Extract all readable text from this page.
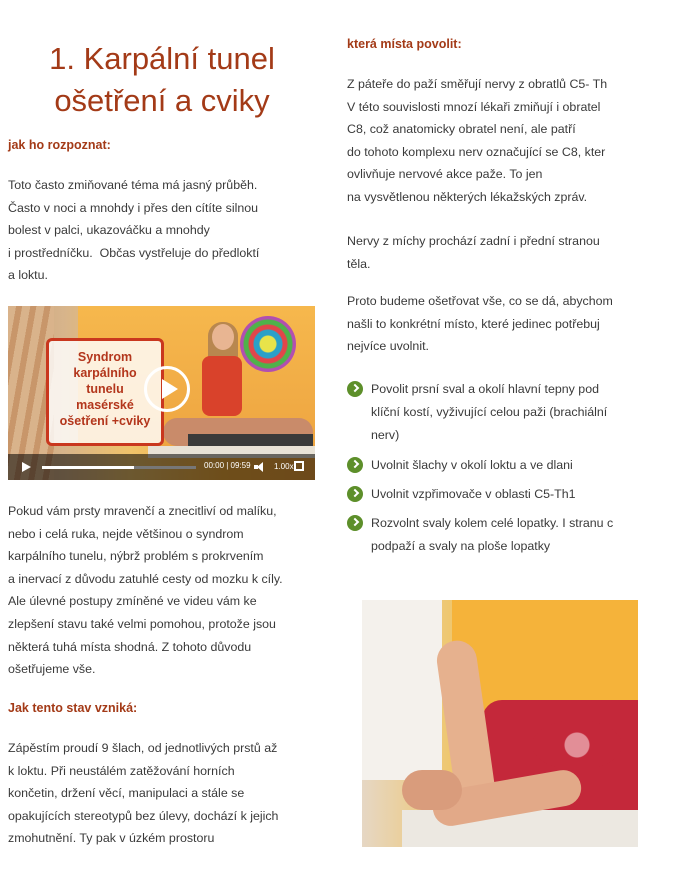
1. Karpální tunel
ošetření a cviky

jak ho rozpoznat:

Toto často zmiňované téma má jasný průběh.
Často v noci a mnohdy i přes den cítíte silnou
bolest v palci, ukazováčku a mnohdy
i prostředníčku.  Občas vystřeluje do předloktí
a loktu.

Syndrom
karpálního
tunelu
masérské
ošetření +cviky
00:00 | 09:59	1.00x

Pokud vám prsty mravenčí a znecitliví od malíku,
nebo i celá ruka, nejde většinou o syndrom
karpálního tunelu, nýbrž problém s prokrvením
a inervací z důvodu zatuhlé cesty od mozku k cíly.
Ale úlevné postupy zmíněné ve videu vám ke
zlepšení stavu také velmi pomohou, protože jsou
některá tuhá místa shodná. Z tohoto důvodu
ošetřujeme vše.

Jak tento stav vzniká:

Zápěstím proudí 9 šlach, od jednotlivých prstů až
k loktu. Při neustálém zatěžování horních
končetin, držení věcí, manipulaci a stále se
opakujících stereotypů bez úlevy, dochází k jejich
zmohutnění. Ty pak v úzkém prostoru

která místa povolit:

Z páteře do paží směřují nervy z obratlů C5- Th
V této souvislosti mnozí lékaři zmiňují i obratel
C8, což anatomicky obratel není, ale patří
do tohoto komplexu nerv označující se C8, kter
ovlivňuje nervové akce paže. To jen
na vysvětlenou některých lékažských zpráv.

Nervy z míchy prochází zadní i přední stranou
těla.

Proto budeme ošetřovat vše, co se dá, abychom
našli to konkrétní místo, které jedinec potřebuj
nejvíce uvolnit.

Povolit prsní sval a okolí hlavní tepny pod
klíční kostí, vyživující celou paži (brachiální
nerv)
Uvolnit šlachy v okolí loktu a ve dlani
Uvolnit vzpřimovače v oblasti C5-Th1
Rozvolnt svaly kolem celé lopatky. I stranu c
podpaží a svaly na ploše lopatky
